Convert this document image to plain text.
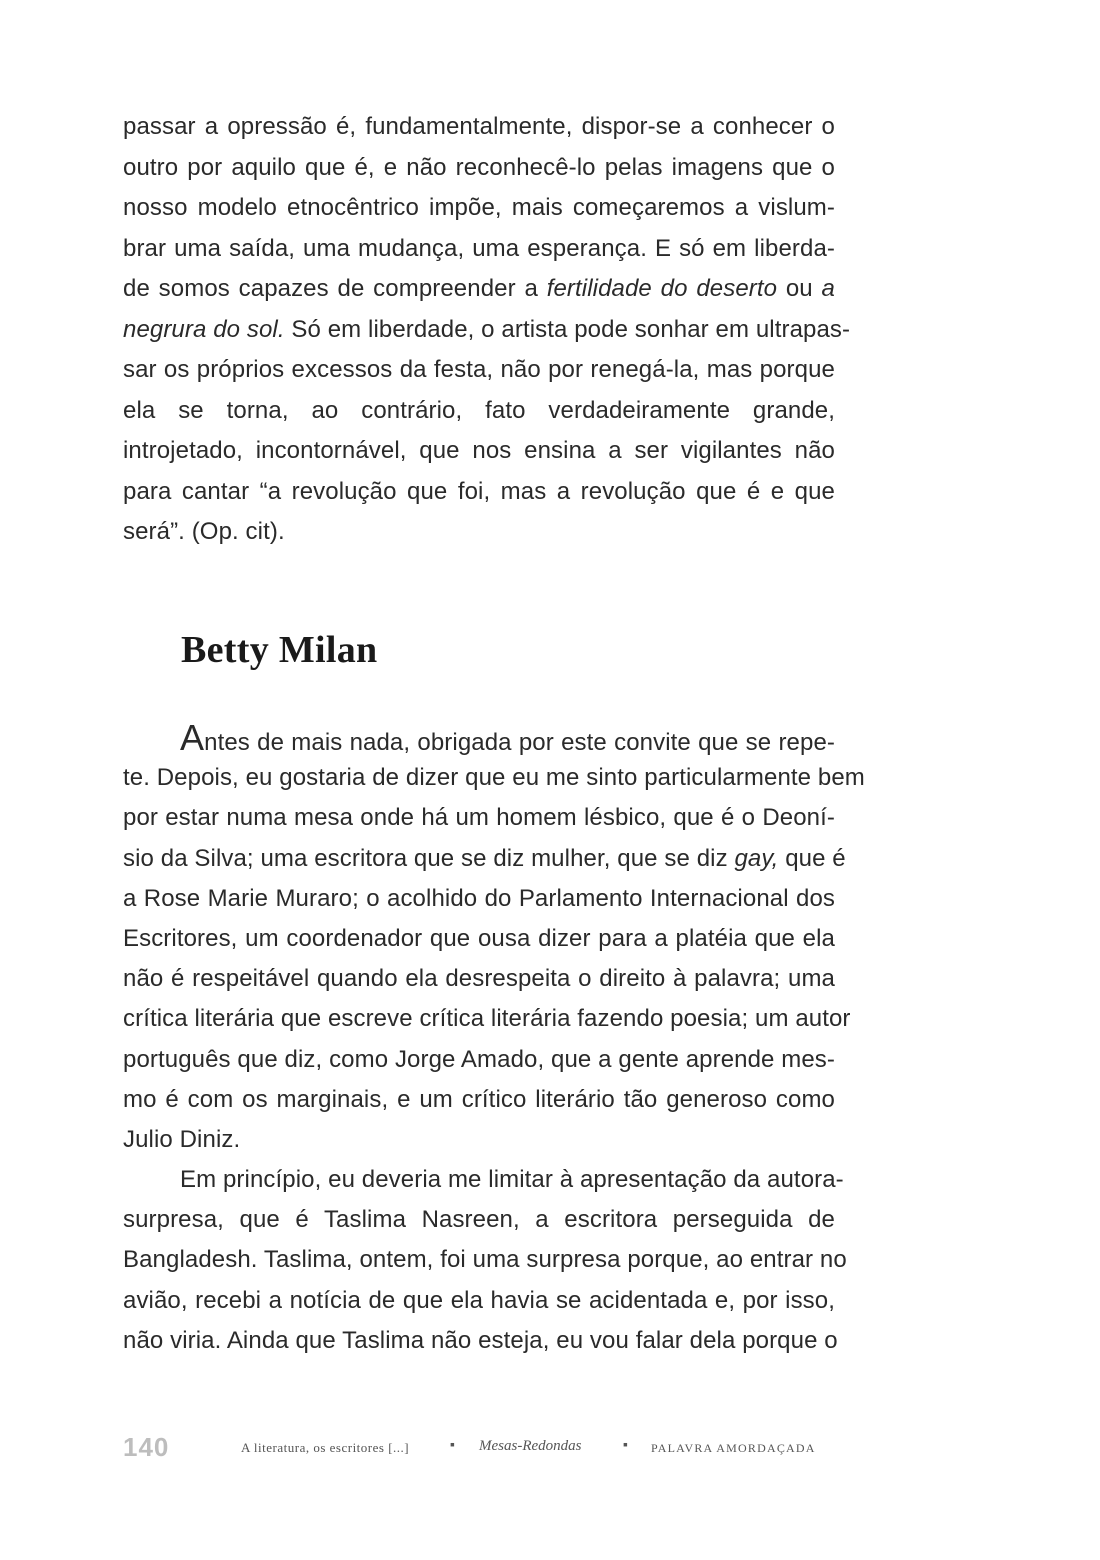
passar a opressão é, fundamentalmente, dispor-se a conhecer o
outro por aquilo que é, e não reconhecê-lo pelas imagens que o
nosso modelo etnocêntrico impõe, mais começaremos a vislum-
brar uma saída, uma mudança, uma esperança. E só em liberda-
de somos capazes de compreender a fertilidade do deserto ou a
negrura do sol. Só em liberdade, o artista pode sonhar em ultrapas-
sar os próprios excessos da festa, não por renegá-la, mas porque
ela se torna, ao contrário, fato verdadeiramente grande,
introjetado, incontornável, que nos ensina a ser vigilantes não
para cantar “a revolução que foi, mas a revolução que é e que
será”. (Op. cit).
Betty Milan
Antes de mais nada, obrigada por este convite que se repe-
te. Depois, eu gostaria de dizer que eu me sinto particularmente bem
por estar numa mesa onde há um homem lésbico, que é o Deoní-
sio da Silva; uma escritora que se diz mulher, que se diz gay, que é
a Rose Marie Muraro; o acolhido do Parlamento Internacional dos
Escritores, um coordenador que ousa dizer para a platéia que ela
não é respeitável quando ela desrespeita o direito à palavra; uma
crítica literária que escreve crítica literária fazendo poesia; um autor
português que diz, como Jorge Amado, que a gente aprende mes-
mo é com os marginais, e um crítico literário tão generoso como
Julio Diniz.
Em princípio, eu deveria me limitar à apresentação da autora-
surpresa, que é Taslima Nasreen, a escritora perseguida de
Bangladesh. Taslima, ontem, foi uma surpresa porque, ao entrar no
avião, recebi a notícia de que ela havia se acidentada e, por isso,
não viria. Ainda que Taslima não esteja, eu vou falar dela porque o
140	A literatura, os escritores [...]	▪ Mesas-Redondas	▪ PALAVRA AMORDAÇADA
